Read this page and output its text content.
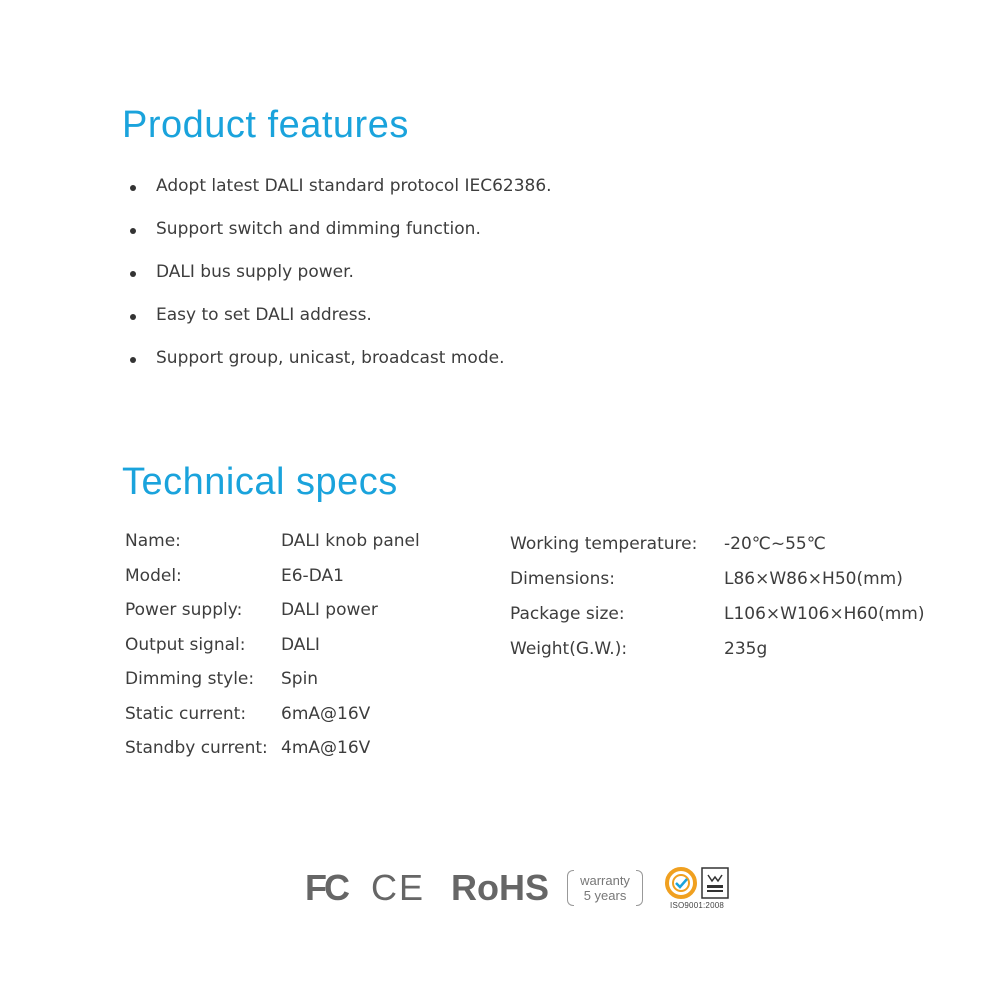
Product features
Adopt latest DALI standard protocol IEC62386.
Support switch and dimming function.
DALI bus supply power.
Easy to set DALI address.
Support group, unicast, broadcast mode.
Technical specs
Name:	DALI knob panel
Model:	E6-DA1
Power supply:	DALI power
Output signal:	DALI
Dimming style:	Spin
Static current:	6mA@16V
Standby current: 4mA@16V
Working temperature:	-20℃~55℃
Dimensions:	L86×W86×H50(mm)
Package size:	L106×W106×H60(mm)
Weight(G.W.):	235g
FC CE RoHS warranty
5 years
ISO9001:2008
